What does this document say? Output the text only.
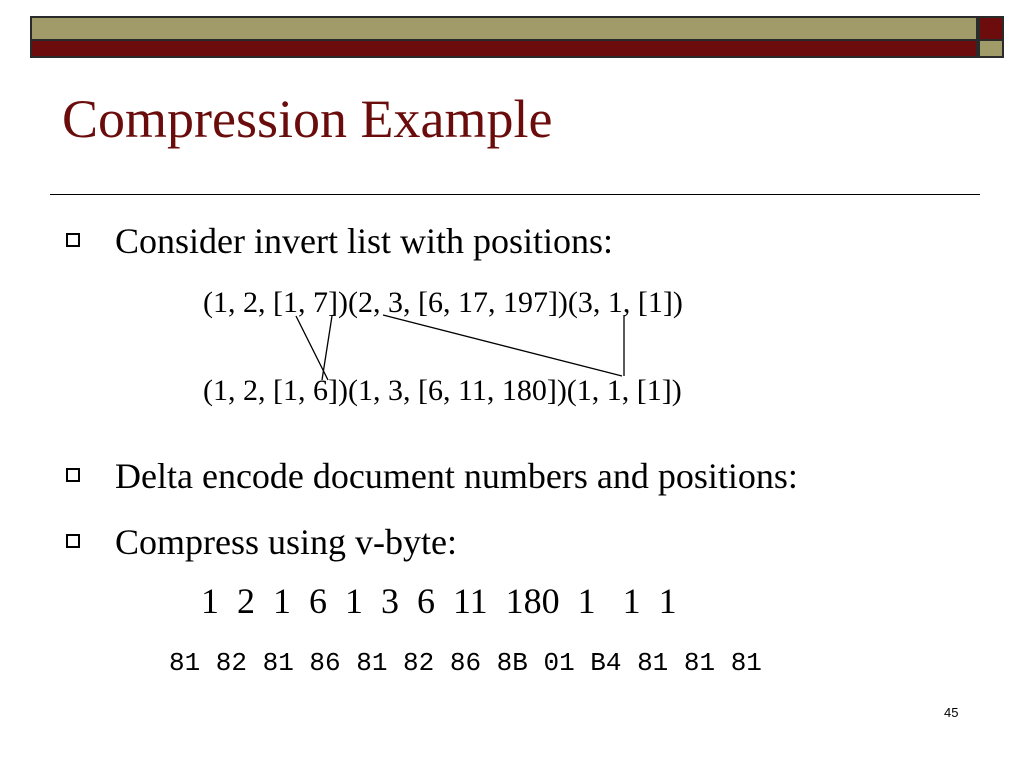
Compression Example
Consider invert list with positions:
(1, 2, [1, 7])(2, 3, [6, 17, 197])(3, 1, [1])
(1, 2, [1, 6])(1, 3, [6, 11, 180])(1, 1, [1])
Delta encode document numbers and positions:
Compress using v-byte:
1  2  1  6  1  3  6  11  180  1   1  1
81 82 81 86 81 82 86 8B 01 B4 81 81 81
45
